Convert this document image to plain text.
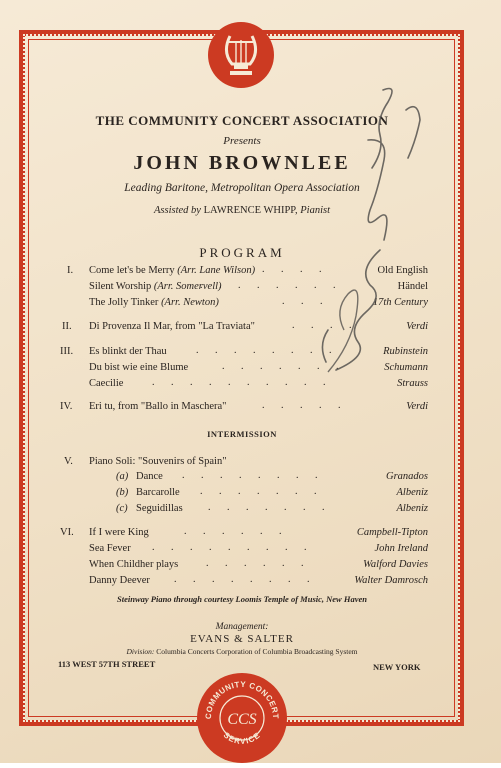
THE COMMUNITY CONCERT ASSOCIATION
Presents
JOHN BROWNLEE
Leading Baritone, Metropolitan Opera Association
Assisted by LAWRENCE WHIPP, Pianist
PROGRAM
I. Come let's be Merry (Arr. Lane Wilson)	Old English
Silent Worship (Arr. Somervell)	Händel
The Jolly Tinker (Arr. Newton)	17th Century
II. Di Provenza Il Mar, from "La Traviata"	Verdi
III. Es blinkt der Thau	Rubinstein
Du bist wie eine Blume	Schumann
Caecilie	Strauss
IV. Eri tu, from "Ballo in Maschera"	Verdi
INTERMISSION
V. Piano Soli: "Souvenirs of Spain"
(a) Dance	Granados
(b) Barcarolle	Albeniz
(c) Seguidillas	Albeniz
VI. If I were King	Campbell-Tipton
Sea Fever	John Ireland
When Childher plays	Walford Davies
Danny Deever	Walter Damrosch
. . . .
. . . . . . . .
. . .
. . . .
. . . . . . . .
. . . . . . .
. . . . . . . . . .
. . . . .
. . . . . . . .
. . . . . . .
. . . . . . .
. . . . . .
. . . . . . . . .
. . . . . .
. . . . . . . .
Steinway Piano through courtesy Loomis Temple of Music, New Haven
Management:
EVANS & SALTER
Division: Columbia Concerts Corporation of Columbia Broadcasting System
113 WEST 57TH STREET	NEW YORK
COMMUNITY CONCERT
SERVICE
CCS
